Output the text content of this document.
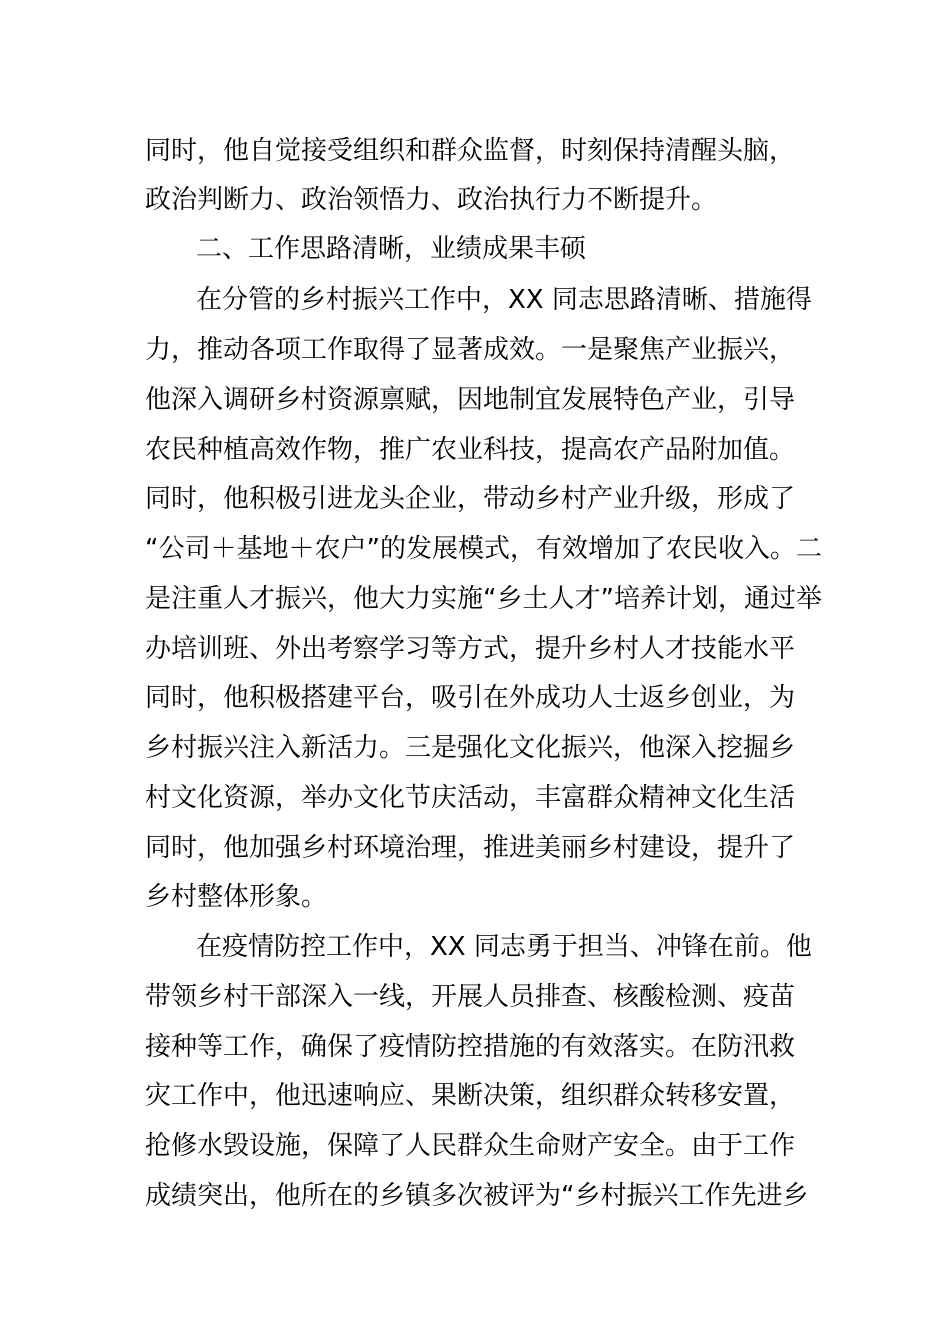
同时，他自觉接受组织和群众监督，时刻保持清醒头脑，
政治判断力、政治领悟力、政治执行力不断提升。
二、工作思路清晰，业绩成果丰硕
在分管的乡村振兴工作中，XX 同志思路清晰、措施得
力，推动各项工作取得了显著成效。一是聚焦产业振兴，
他深入调研乡村资源禀赋，因地制宜发展特色产业，引导
农民种植高效作物，推广农业科技，提高农产品附加值。
同时，他积极引进龙头企业，带动乡村产业升级，形成了
“公司＋基地＋农户”的发展模式，有效增加了农民收入。二
是注重人才振兴，他大力实施“乡土人才”培养计划，通过举
办培训班、外出考察学习等方式，提升乡村人才技能水平
同时，他积极搭建平台，吸引在外成功人士返乡创业，为
乡村振兴注入新活力。三是强化文化振兴，他深入挖掘乡
村文化资源，举办文化节庆活动，丰富群众精神文化生活
同时，他加强乡村环境治理，推进美丽乡村建设，提升了
乡村整体形象。
在疫情防控工作中，XX 同志勇于担当、冲锋在前。他
带领乡村干部深入一线，开展人员排查、核酸检测、疫苗
接种等工作，确保了疫情防控措施的有效落实。在防汛救
灾工作中，他迅速响应、果断决策，组织群众转移安置，
抢修水毁设施，保障了人民群众生命财产安全。由于工作
成绩突出，他所在的乡镇多次被评为“乡村振兴工作先进乡
